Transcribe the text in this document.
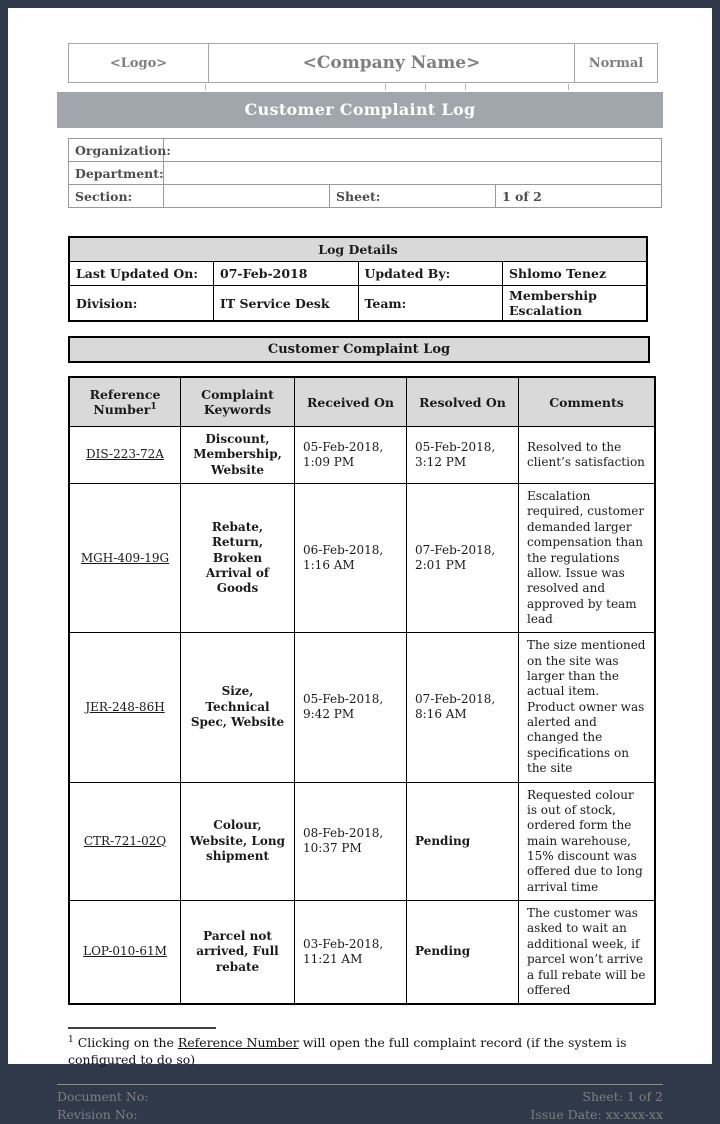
<Logo>	<Company Name>	Normal
Customer Complaint Log
Organization:			
Department:			
Section:		Sheet:	1 of 2
Log Details			
Last Updated On:	07-Feb-2018	Updated By:	Shlomo Tenez
Division:	IT Service Desk	Team:	Membership Escalation
Customer Complaint Log
Reference Number$^1$	Complaint Keywords	Received On	Resolved On	Comments
DIS-223-72A	Discount, Membership, Website	05-Feb-2018, 1:09 PM	05-Feb-2018, 3:12 PM	Resolved to the client’s satisfaction
MGH-409-19G	Rebate, Return, Broken Arrival of Goods	06-Feb-2018, 1:16 AM	07-Feb-2018, 2:01 PM	Escalation required, customer demanded larger compensation than the regulations allow. Issue was resolved and approved by team lead
JER-248-86H	Size, Technical Spec, Website	05-Feb-2018, 9:42 PM	07-Feb-2018, 8:16 AM	The size mentioned on the site was larger than the actual item. Product owner was alerted and changed the specifications on the site
CTR-721-02Q	Colour, Website, Long shipment	08-Feb-2018, 10:37 PM	Pending	Requested colour is out of stock, ordered form the main warehouse, 15% discount was offered due to long arrival time
LOP-010-61M	Parcel not arrived, Full rebate	03-Feb-2018, 11:21 AM	Pending	The customer was asked to wait an additional week, if parcel won’t arrive a full rebate will be offered
$^1$ Clicking on the Reference Number will open the full complaint record (if the system is configured to do so)
Document No:
Revision No:
Sheet: 1 of 2
Issue Date: xx-xxx-xx
